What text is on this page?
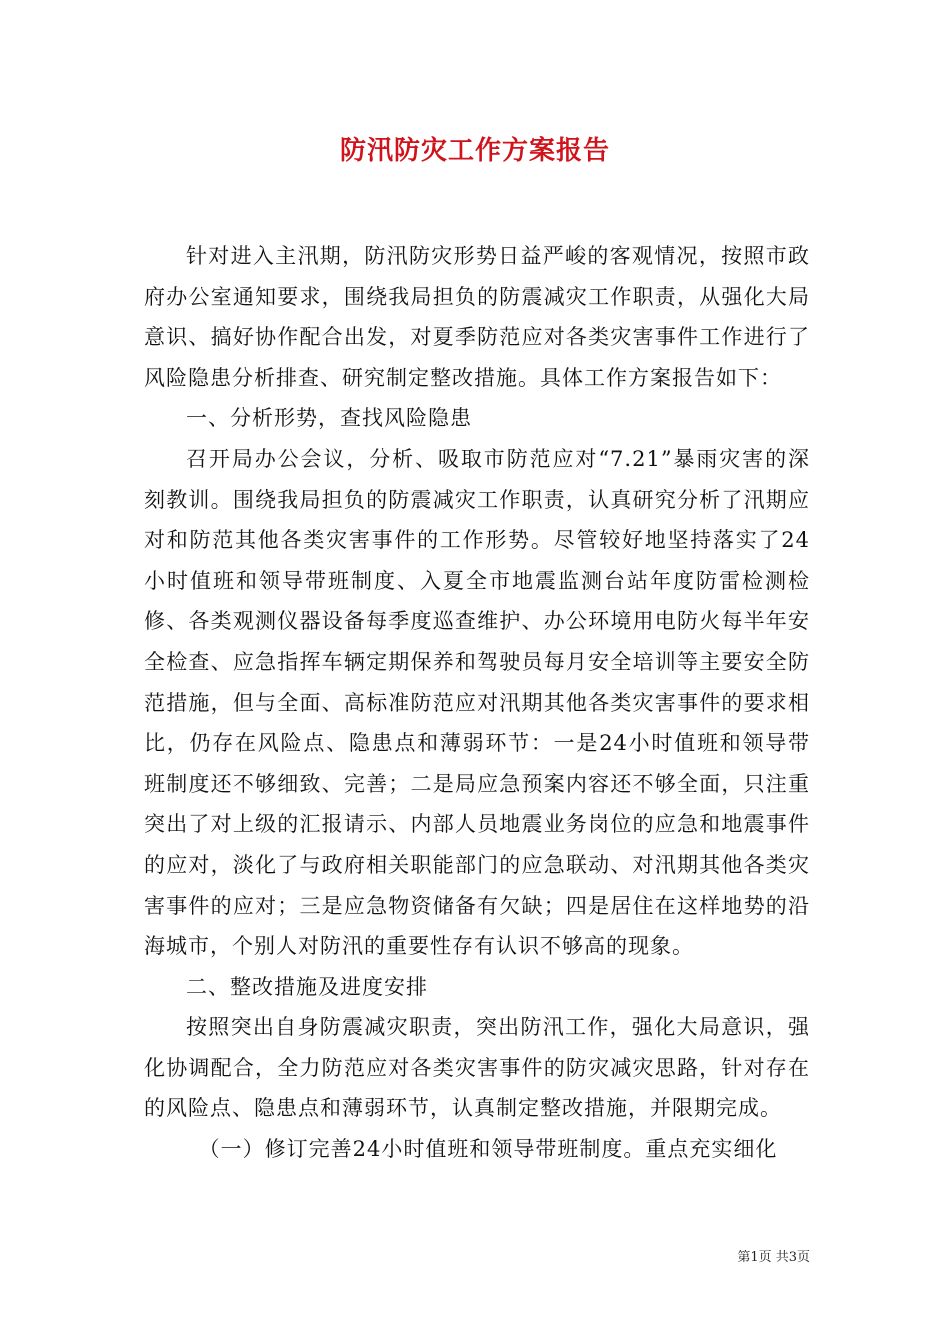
防汛防灾工作方案报告

针对进入主汛期，防汛防灾形势日益严峻的客观情况，按照市政府办公室通知要求，围绕我局担负的防震减灾工作职责，从强化大局意识、搞好协作配合出发，对夏季防范应对各类灾害事件工作进行了风险隐患分析排查、研究制定整改措施。具体工作方案报告如下：

一、分析形势，查找风险隐患

召开局办公会议，分析、吸取市防范应对“7.21”暴雨灾害的深刻教训。围绕我局担负的防震减灾工作职责，认真研究分析了汛期应对和防范其他各类灾害事件的工作形势。尽管较好地坚持落实了24小时值班和领导带班制度、入夏全市地震监测台站年度防雷检测检修、各类观测仪器设备每季度巡查维护、办公环境用电防火每半年安全检查、应急指挥车辆定期保养和驾驶员每月安全培训等主要安全防范措施，但与全面、高标准防范应对汛期其他各类灾害事件的要求相比，仍存在风险点、隐患点和薄弱环节：一是24小时值班和领导带班制度还不够细致、完善；二是局应急预案内容还不够全面，只注重突出了对上级的汇报请示、内部人员地震业务岗位的应急和地震事件的应对，淡化了与政府相关职能部门的应急联动、对汛期其他各类灾害事件的应对；三是应急物资储备有欠缺；四是居住在这样地势的沿海城市，个别人对防汛的重要性存有认识不够高的现象。

二、整改措施及进度安排

按照突出自身防震减灾职责，突出防汛工作，强化大局意识，强化协调配合，全力防范应对各类灾害事件的防灾减灾思路，针对存在的风险点、隐患点和薄弱环节，认真制定整改措施，并限期完成。

（一）修订完善24小时值班和领导带班制度。重点充实细化

第1页 共3页
